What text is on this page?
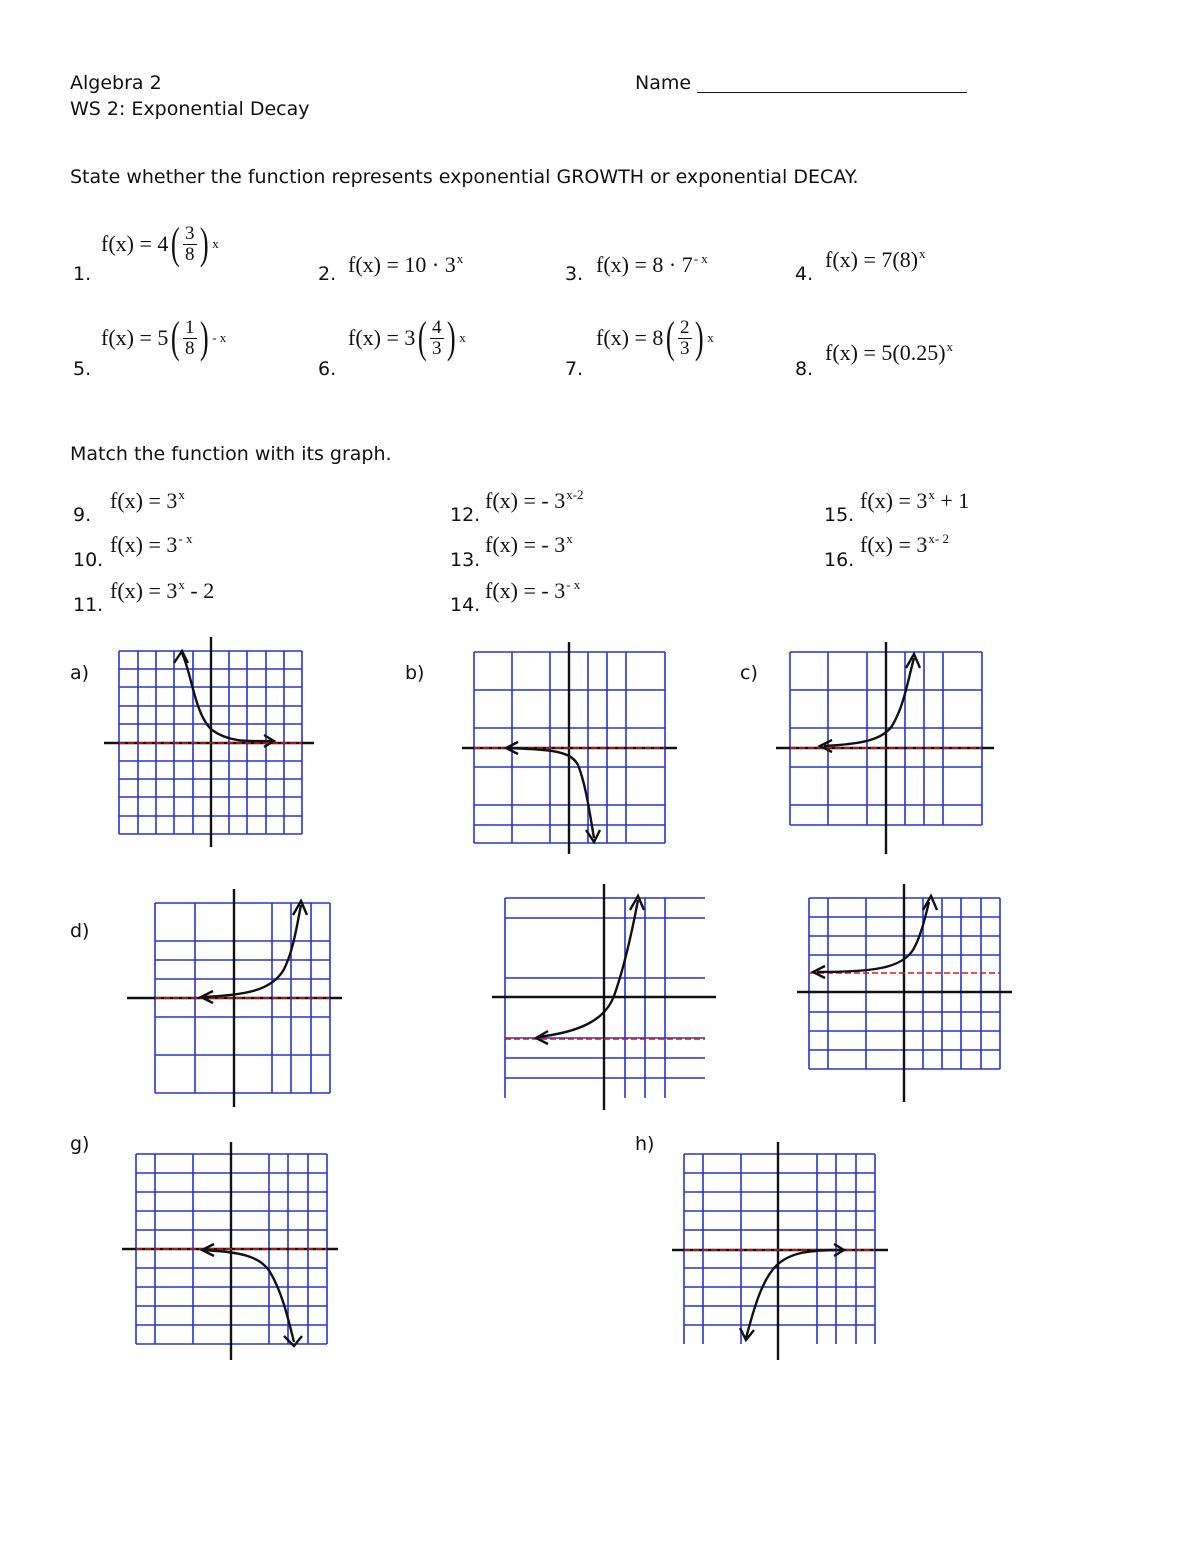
Algebra 2
WS 2: Exponential Decay
Name
State whether the function represents exponential GROWTH or exponential DECAY.
1.
f(x) = 4 ( $\frac{3}{8}$ ) x
2. $f(x) = 10 \cdot 3^x$
3. $f(x) = 8 \cdot 7^{- x}$
4.
$f(x) = 7(8)^x$
5.
f(x) = 5 ( $\frac{1}{8}$ ) - x
6.
f(x) = 3 ( $\frac{4}{3}$ ) x
7.
f(x) = 8 ( $\frac{2}{3}$ ) x
8.
$f(x) = 5(0.25)^x$
Match the function with its graph.
9.
$f(x) = 3^x$
10.
$f(x) = 3^{- x}$
11.
$f(x) = 3^x - 2$
12.
f(x) = - 3$^{x-2}$
13.
f(x) = - 3$^x$
14.
f(x) = - $3^{- x}$
15.
$f(x) = 3^x + 1$
16.
$f(x) = 3^{x- 2}$
a)	b)	c)
d)
g)	h)
